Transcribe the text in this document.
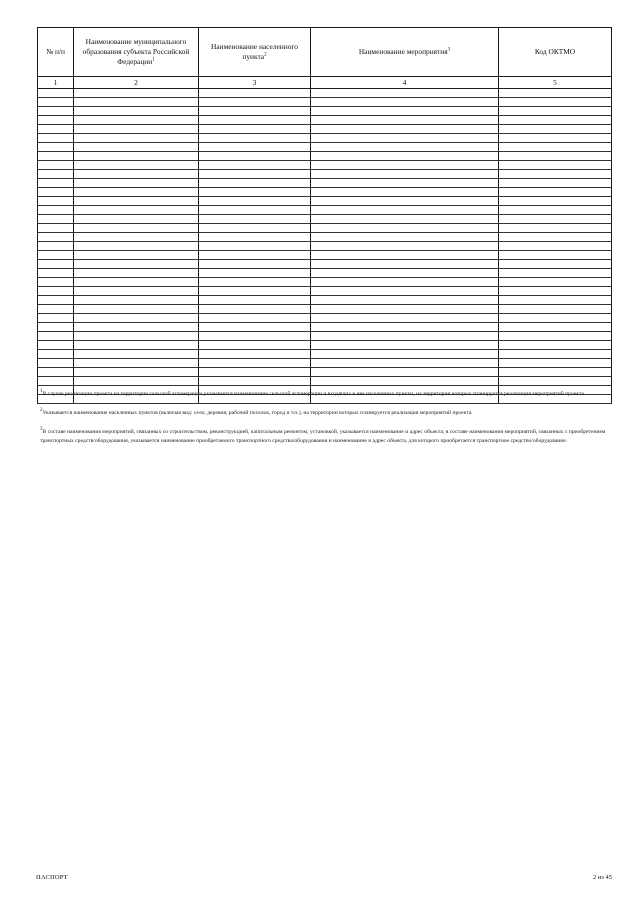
№ п/п	Наименование муниципального образования субъекта Российской Федерации$^1$	Наименование населенного пункта$^2$	Наименование мероприятия$^3$	Код ОКТМО
1	2	3	4	5

$^1$В случае реализации проекта на территории сельской агломерации указывается наименование сельской агломерации и входящих в нее населенных пункты, на территории которых планируется реализация мероприятий проекта.

$^2$Указывается наименование населенных пунктов (включая вид: село, деревня, рабочий поселок, город и т.п.), на территории которых планируется реализация мероприятий проекта.

$^3$В составе наименования мероприятий, связанных со строительством, реконструкцией, капитальным ремонтом, установкой, указывается наименование и адрес объекта; в составе наименования мероприятий, связанных с приобретением транспортных средств/оборудования, указывается наименование приобретаемого транспортного средства/оборудования и наименование и адрес объекта, для которого приобретается транспортное средство/оборудование.

ПАСПОРТ	2 из 45
